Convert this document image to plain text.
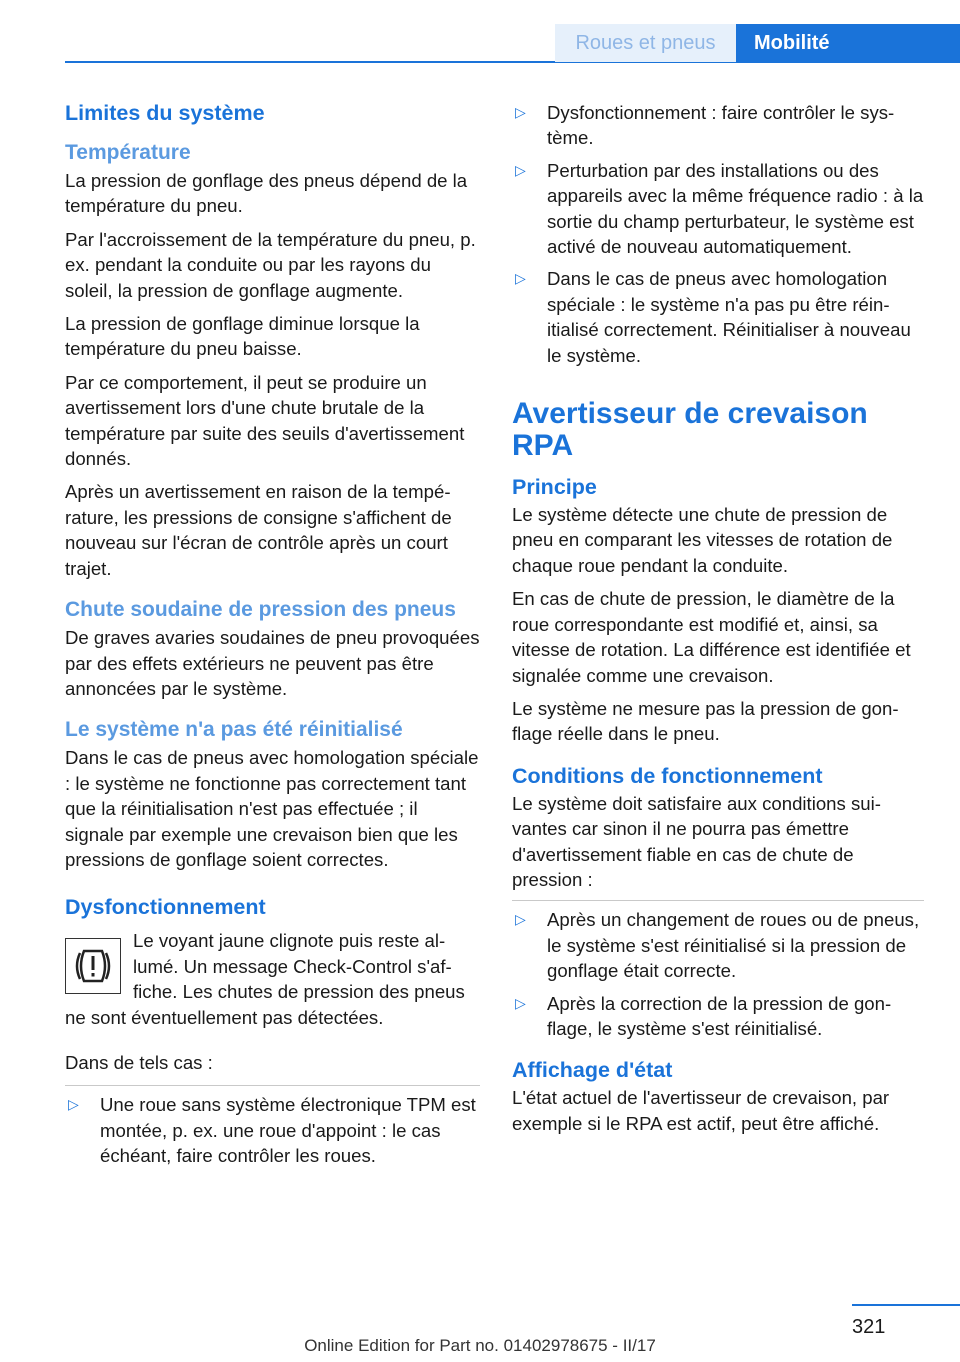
Roues et pneus	Mobilité
Limites du système
Température

La pression de gonflage des pneus dépend de la température du pneu.

Par l'accroissement de la température du pneu, p. ex. pendant la conduite ou par les rayons du soleil, la pression de gonflage augmente.

La pression de gonflage diminue lorsque la température du pneu baisse.

Par ce comportement, il peut se produire un avertissement lors d'une chute brutale de la température par suite des seuils d'avertissement donnés.

Après un avertissement en raison de la température, les pressions de consigne s'affichent de nouveau sur l'écran de contrôle après un court trajet.

Chute soudaine de pression des pneus

De graves avaries soudaines de pneu provoquées par des effets extérieurs ne peuvent pas être annoncées par le système.

Le système n'a pas été réinitialisé

Dans le cas de pneus avec homologation spéciale : le système ne fonctionne pas correctement tant que la réinitialisation n'est pas effectuée ; il signale par exemple une crevaison bien que les pressions de gonflage soient correctes.

Dysfonctionnement

Le voyant jaune clignote puis reste allumé. Un message Check-Control s'affiche. Les chutes de pression des pneus ne sont éventuellement pas détectées.

Dans de tels cas :

▷ Une roue sans système électronique TPM est montée, p. ex. une roue d'appoint : le cas échéant, faire contrôler les roues.
▷ Dysfonctionnement : faire contrôler le système.
▷ Perturbation par des installations ou des appareils avec la même fréquence radio : à la sortie du champ perturbateur, le système est activé de nouveau automatiquement.
▷ Dans le cas de pneus avec homologation spéciale : le système n'a pas pu être réinitialisé correctement. Réinitialiser à nouveau le système.
Avertisseur de crevaison RPA
Principe

Le système détecte une chute de pression de pneu en comparant les vitesses de rotation de chaque roue pendant la conduite.

En cas de chute de pression, le diamètre de la roue correspondante est modifié et, ainsi, sa vitesse de rotation. La différence est identifiée et signalée comme une crevaison.

Le système ne mesure pas la pression de gonflage réelle dans le pneu.

Conditions de fonctionnement

Le système doit satisfaire aux conditions suivantes car sinon il ne pourra pas émettre d'avertissement fiable en cas de chute de pression :

▷ Après un changement de roues ou de pneus, le système s'est réinitialisé si la pression de gonflage était correcte.
▷ Après la correction de la pression de gonflage, le système s'est réinitialisé.
Affichage d'état

L'état actuel de l'avertisseur de crevaison, par exemple si le RPA est actif, peut être affiché.

321
Online Edition for Part no. 01402978675 - II/17
